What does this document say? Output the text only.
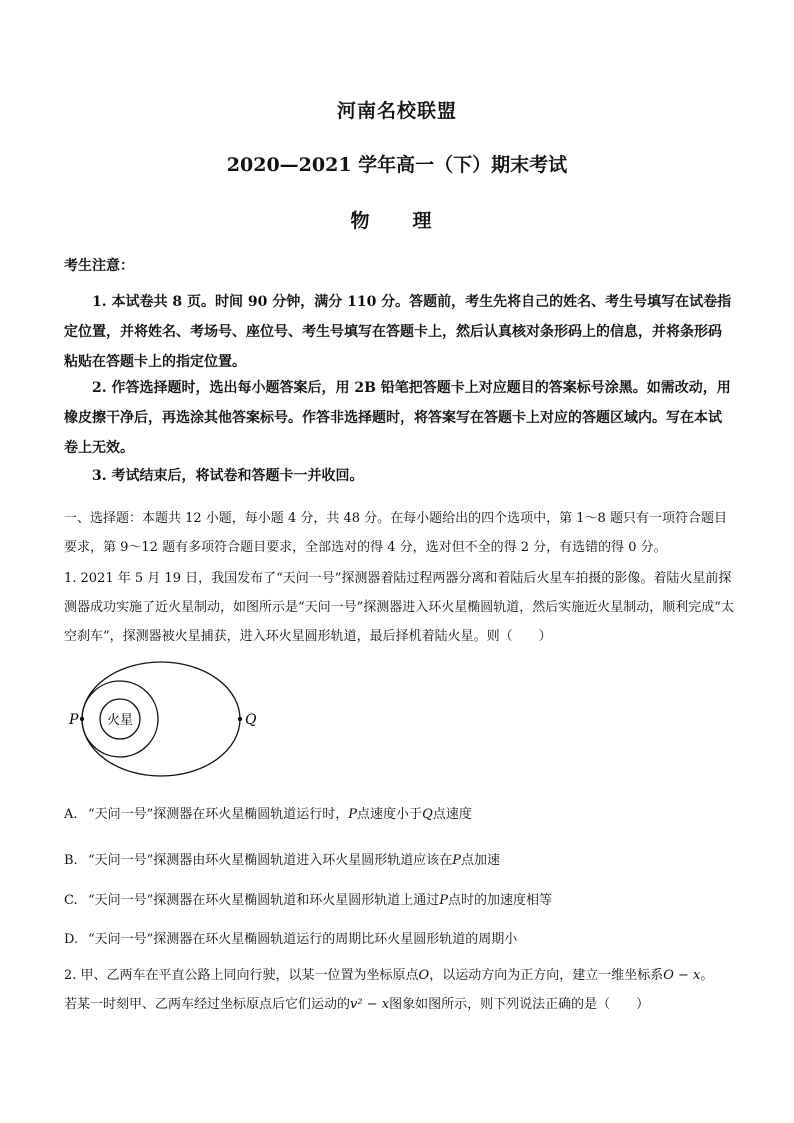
河南名校联盟
2020—2021 学年高一（下）期末考试
物　理
考生注意：
1. 本试卷共 8 页。时间 90 分钟，满分 110 分。答题前，考生先将自己的姓名、考生号填写在试卷指定位置，并将姓名、考场号、座位号、考生号填写在答题卡上，然后认真核对条形码上的信息，并将条形码粘贴在答题卡上的指定位置。
2. 作答选择题时，选出每小题答案后，用 2B 铅笔把答题卡上对应题目的答案标号涂黑。如需改动，用橡皮擦干净后，再选涂其他答案标号。作答非选择题时，将答案写在答题卡上对应的答题区域内。写在本试卷上无效。
3. 考试结束后，将试卷和答题卡一并收回。
一、选择题：本题共 12 小题，每小题 4 分，共 48 分。在每小题给出的四个选项中，第 1～8 题只有一项符合题目要求，第 9～12 题有多项符合题目要求，全部选对的得 4 分，选对但不全的得 2 分，有选错的得 0 分。
1. 2021 年 5 月 19 日，我国发布了“天问一号”探测器着陆过程两器分离和着陆后火星车拍摄的影像。着陆火星前探测器成功实施了近火星制动，如图所示是“天问一号”探测器进入环火星椭圆轨道，然后实施近火星制动，顺利完成“太空刹车”，探测器被火星捕获，进入环火星圆形轨道，最后择机着陆火星。则（　　）
火星
P	Q
A. “天问一号”探测器在环火星椭圆轨道运行时，P点速度小于Q点速度
B. “天问一号”探测器由环火星椭圆轨道进入环火星圆形轨道应该在P点加速
C. “天问一号”探测器在环火星椭圆轨道和环火星圆形轨道上通过P点时的加速度相等
D. “天问一号”探测器在环火星椭圆轨道运行的周期比环火星圆形轨道的周期小
2. 甲、乙两车在平直公路上同向行驶，以某一位置为坐标原点O，以运动方向为正方向，建立一维坐标系O − x。
若某一时刻甲、乙两车经过坐标原点后它们运动的v² − x图象如图所示，则下列说法正确的是（　　）
